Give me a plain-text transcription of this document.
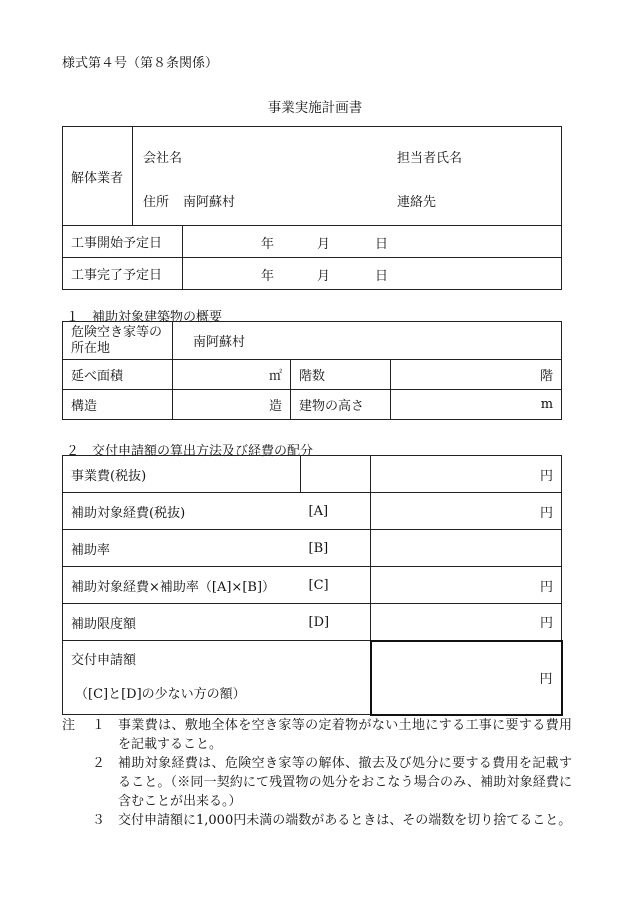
様式第４号（第８条関係）
事業実施計画書
解体業者	会社名 担当者氏名
住所 南阿蘇村 連絡先	

工事開始予定日		年 月 日

工事完了予定日		年 月 日
１　補助対象建築物の概要
危険空き家等の
所在地	南阿蘇村		
延べ面積	㎡	階数	階
構造	造	建物の高さ	m
２　交付申請額の算出方法及び経費の配分
事業費(税抜)		円
補助対象経費(税抜)	[A]	円
補助率	[B]	
補助対象経費×補助率（[A]×[B]）	[C]	円
補助限度額	[D]	円

交付申請額
（[C]と[D]の少ない方の額）		円
注	１ 事業費は、敷地全体を空き家等の定着物がない土地にする工事に要する費用を記載すること。
２ 補助対象経費は、危険空き家等の解体、撤去及び処分に要する費用を記載すること。（※同一契約にて残置物の処分をおこなう場合のみ、補助対象経費に含むことが出来る。）
３ 交付申請額に1,000円未満の端数があるときは、その端数を切り捨てること。
